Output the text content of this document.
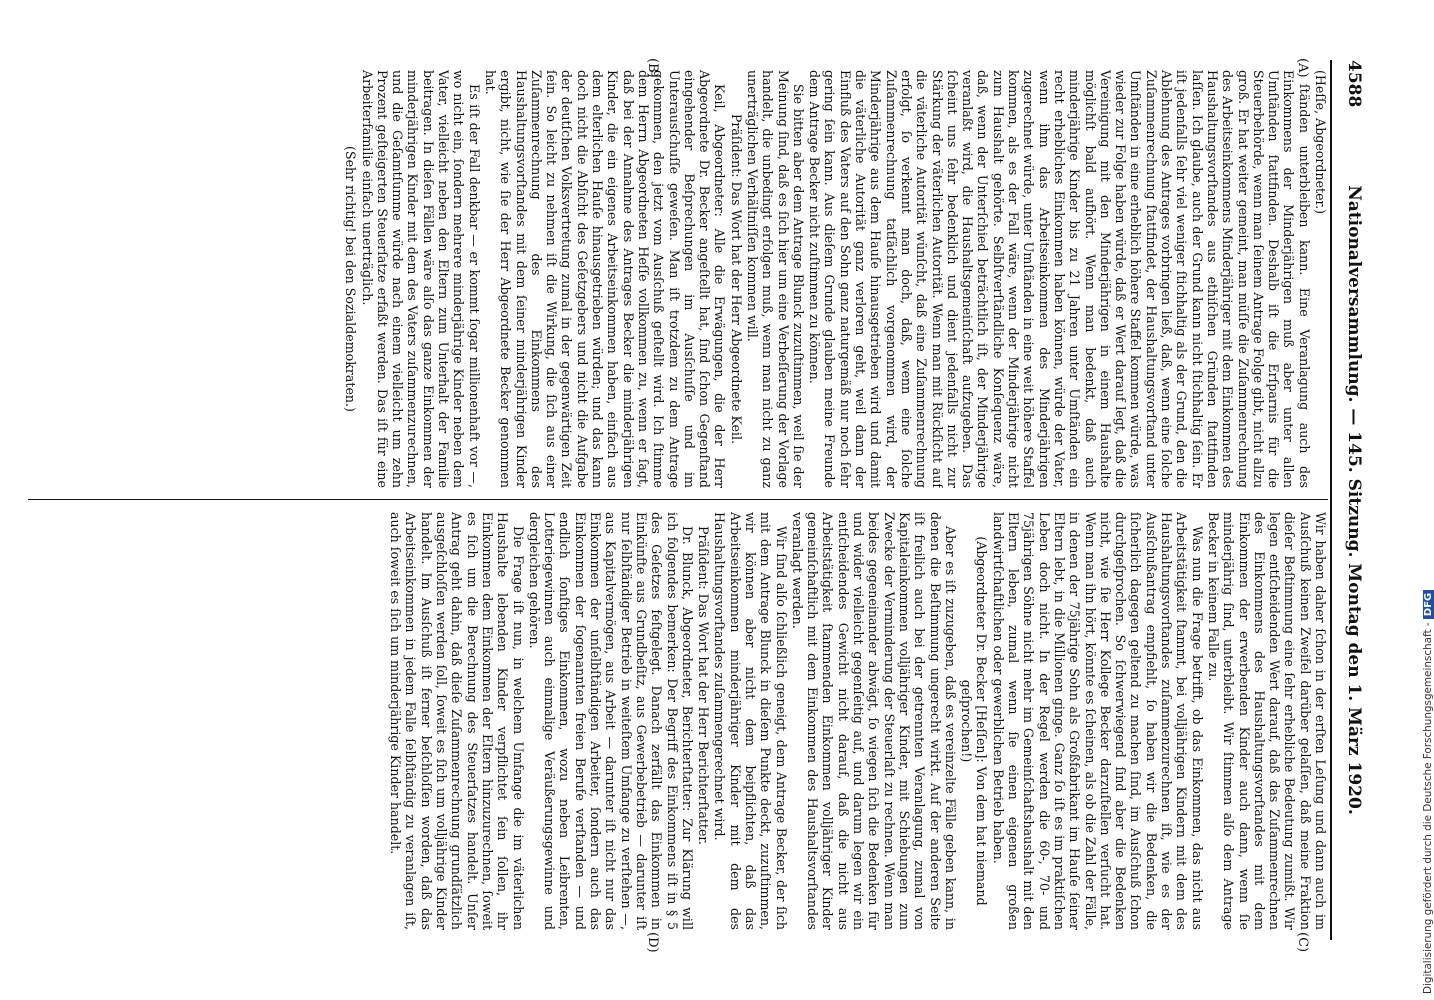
4588
Nationalversammlung. — 145. Sitzung. Montag den 1. März 1920.
(A)
(B)
(C)
(D)

(Heſſe, Abgeordneter.)

ſtänden unterbleiben kann. Eine Veranlagung auch des Einkommens der Minderjährigen muß aber unter allen Umſtänden ſtattfinden. Deshalb iſt die Erſparnis für die Steuerbehörde, wenn man ſeinem Antrage Folge gibt, nicht allzu groß. Er hat weiter gemeint, man müſſe die Zuſammenrechnung des Arbeitseinkommens Minderjähriger mit dem Einkommen des Haushaltungsvorſtandes aus ethiſchen Gründen ſtattfinden laſſen. Ich glaube, auch der Grund kann nicht ſtichhaltig ſein. Er iſt jedenfalls ſehr viel weniger ſtichhaltig als der Grund, den die Ablehnung des Antrages vorbringen ließ, daß, wenn eine ſolche Zuſammenrechnung ſtattfindet, der Haushaltungsvorſtand unter Umſtänden in eine erheblich höhere Staffel kommen würde, was wieder zur Folge haben würde, daß er Wert darauf legt, daß die Vereinigung mit den Minderjährigen in einem Haushalte möglichſt bald aufhört. Wenn man bedenkt, daß auch minderjährige Kinder bis zu 21 Jahren unter Umſtänden ein recht erhebliches Einkommen haben können, würde der Vater, wenn ihm das Arbeitseinkommen des Minderjährigen zugerechnet würde, unter Umſtänden in eine weit höhere Staffel kommen, als es der Fall wäre, wenn der Minderjährige nicht zum Haushalt gehörte. Selbſtverſtändliche Konſequenz wäre, daß, wenn der Unterſchied beträchtlich iſt, der Minderjährige veranlaßt wird, die Haushaltsgemeinſchaft aufzugeben. Das ſcheint uns ſehr bedenklich und dient jedenfalls nicht zur Stärkung der väterlichen Autorität. Wenn man mit Rückſicht auf die väterliche Autorität wünſcht, daß eine Zuſammenrechnung erfolgt, ſo verkennt man doch, daß, wenn eine ſolche Zuſammenrechnung tatſächlich vorgenommen wird, der Minderjährige aus dem Hauſe hinausgetrieben wird und damit die väterliche Autorität ganz verloren geht, weil dann der Einfluß des Vaters auf den Sohn ganz naturgemäß nur noch ſehr gering ſein kann. Aus dieſem Grunde glauben meine Freunde dem Antrage Becker nicht zuſtimmen zu können.

Sie bitten aber dem Antrage Blunck zuzuſtimmen, weil ſie der Meinung ſind, daß es ſich hier um eine Verbeſſerung der Vorlage handelt, die unbedingt erfolgen muß, wenn man nicht zu ganz unerträglichen Verhältniſſen kommen will.

Präſident: Das Wort hat der Herr Abgeordnete Keil.

Keil, Abgeordneter: Alle die Erwägungen, die der Herr Abgeordnete Dr. Becker angeſtellt hat, ſind ſchon Gegenſtand eingehender Beſprechungen im Ausſchuſſe und im Unterausſchuſſe geweſen. Man iſt trotzdem zu dem Antrage gekommen, den jetzt vom Ausſchuß geſtellt wird. Ich ſtimme dem Herrn Abgeordneten Heſſe vollkommen zu, wenn er ſagt, daß bei der Annahme des Antrages Becker die minderjährigen Kinder, die ein eigenes Arbeitseinkommen haben, einfach aus dem elterlichen Hauſe hinausgetrieben würden; und das kann doch nicht die Abſicht des Geſetzgebers und nicht die Aufgabe der deutſchen Volksvertretung zumal in der gegenwärtigen Zeit ſein. So leicht zu nehmen iſt die Wirkung, die ſich aus einer Zuſammenrechnung des Einkommens des Haushaltungsvorſtandes mit dem ſeiner minderjährigen Kinder ergibt, nicht, wie ſie der Herr Abgeordnete Becker genommen hat.

Es iſt der Fall denkbar — er kommt ſogar millionenhaft vor —, wo nicht ein, ſondern mehrere minderjährige Kinder neben dem Vater, vielleicht neben den Eltern zum Unterhalt der Familie beitragen. In dieſen Fällen wäre alſo das ganze Einkommen der minderjährigen Kinder mit dem des Vaters zuſammenzurechnen, und die Geſamtſumme würde nach einem vielleicht um zehn Prozent geſteigerten Steuerſatze erfaßt werden. Das iſt für eine Arbeiterfamilie einfach unerträglich.

(Sehr richtig! bei den Sozialdemokraten.)

Wir haben daher ſchon in der erſten Leſung und dann auch im Ausſchuß keinen Zweifel darüber gelaſſen, daß meine Fraktion dieſer Beſtimmung eine ſehr erhebliche Bedeutung zumißt. Wir legen entſcheidenden Wert darauf, daß das Zuſammenrechnen des Einkommens des Haushaltungsvorſtandes mit dem Einkommen der erwerbenden Kinder auch dann, wenn ſie minderjährig ſind, unterbleibt. Wir ſtimmen alſo dem Antrage Becker in keinem Falle zu.

Was nun die Frage betrifft, ob das Einkommen, das nicht aus Arbeitstätigkeit ſtammt, bei volljährigen Kindern mit dem des Haushaltungsvorſtandes zuſammenzurechnen iſt, wie es der Ausſchußantrag empfiehlt, ſo haben wir die Bedenken, die ſicherlich dagegen geltend zu machen ſind, im Ausſchuß ſchon durchgeſprochen. So ſchwerwiegend ſind aber die Bedenken nicht, wie ſie Herr Kollege Becker darzuſtellen verſucht hat. Wenn man ihn hört, könnte es ſcheinen, als ob die Zahl der Fälle, in denen der 75jährige Sohn als Großfabrikant im Hauſe ſeiner Eltern lebt, in die Millionen ginge. Ganz ſo iſt es im praktiſchen Leben doch nicht. In der Regel werden die 60-, 70- und 75jährigen Söhne nicht mehr im Gemeinſchaftshaushalt mit den Eltern leben, zumal wenn ſie einen eigenen großen landwirtſchaftlichen oder gewerblichen Betrieb haben.

(Abgeordneter Dr. Becker [Heſſen]: Von dem hat niemand geſprochen!)

Aber es iſt zuzugeben, daß es vereinzelte Fälle geben kann, in denen die Beſtimmung ungerecht wirkt. Auf der anderen Seite iſt freilich auch bei der getrennten Veranlagung, zumal von Kapitaleinkommen volljähriger Kinder, mit Schiebungen zum Zwecke der Verminderung der Steuerlaſt zu rechnen. Wenn man beides gegeneinander abwägt, ſo wiegen ſich die Bedenken für und wider vielleicht gegenſeitig auf, und darum legen wir ein entſcheidendes Gewicht nicht darauf, daß die nicht aus Arbeitstätigkeit ſtammenden Einkommen volljähriger Kinder gemeinſchaftlich mit dem Einkommen des Haushaltsvorſtandes veranlagt werden.

Wir ſind alſo ſchließlich geneigt, dem Antrage Becker, der ſich mit dem Antrage Blunck in dieſem Punkte deckt, zuzuſtimmen, wir können aber nicht dem beipflichten, daß das Arbeitseinkommen minderjähriger Kinder mit dem des Haushaltungsvorſtandes zuſammengerechnet wird.

Präſident: Das Wort hat der Herr Berichterſtatter.

Dr. Blunck, Abgeordneter, Berichterſtatter: Zur Klärung will ich folgendes bemerken: Der Begriff des Einkommens iſt in § 5 des Geſetzes feſtgelegt. Danach zerfällt das Einkommen in Einkünfte aus Grundbeſitz, aus Gewerbebetrieb — darunter iſt nur ſelbſtändiger Betrieb in weiteſtem Umfange zu verſtehen —, aus Kapitalvermögen, aus Arbeit — darunter iſt nicht nur das Einkommen der unſelbſtändigen Arbeiter, ſondern auch das Einkommen der ſogenannten freien Berufe verſtanden — und endlich ſonſtiges Einkommen, wozu neben Leibrenten, Lotteriegewinnen auch einmalige Veräußerungsgewinne und dergleichen gehören.

Die Frage iſt nun, in welchem Umfange die im väterlichen Haushalte lebenden Kinder verpflichtet ſein ſollen, ihr Einkommen dem Einkommen der Eltern hinzuzurechnen, ſoweit es ſich um die Berechnung des Steuerſatzes handelt. Unſer Antrag geht dahin, daß dieſe Zuſammenrechnung grundſätzlich ausgeſchloſſen werden ſoll, ſoweit es ſich um volljährige Kinder handelt. Im Ausſchuß iſt ferner beſchloſſen worden, daß das Arbeitseinkommen in jedem Falle ſelbſtändig zu veranlagen iſt, auch ſoweit es ſich um minderjährige Kinder handelt.	Digitalisierung gefördert durch die Deutsche Forschungsgemeinschaft - DFG
